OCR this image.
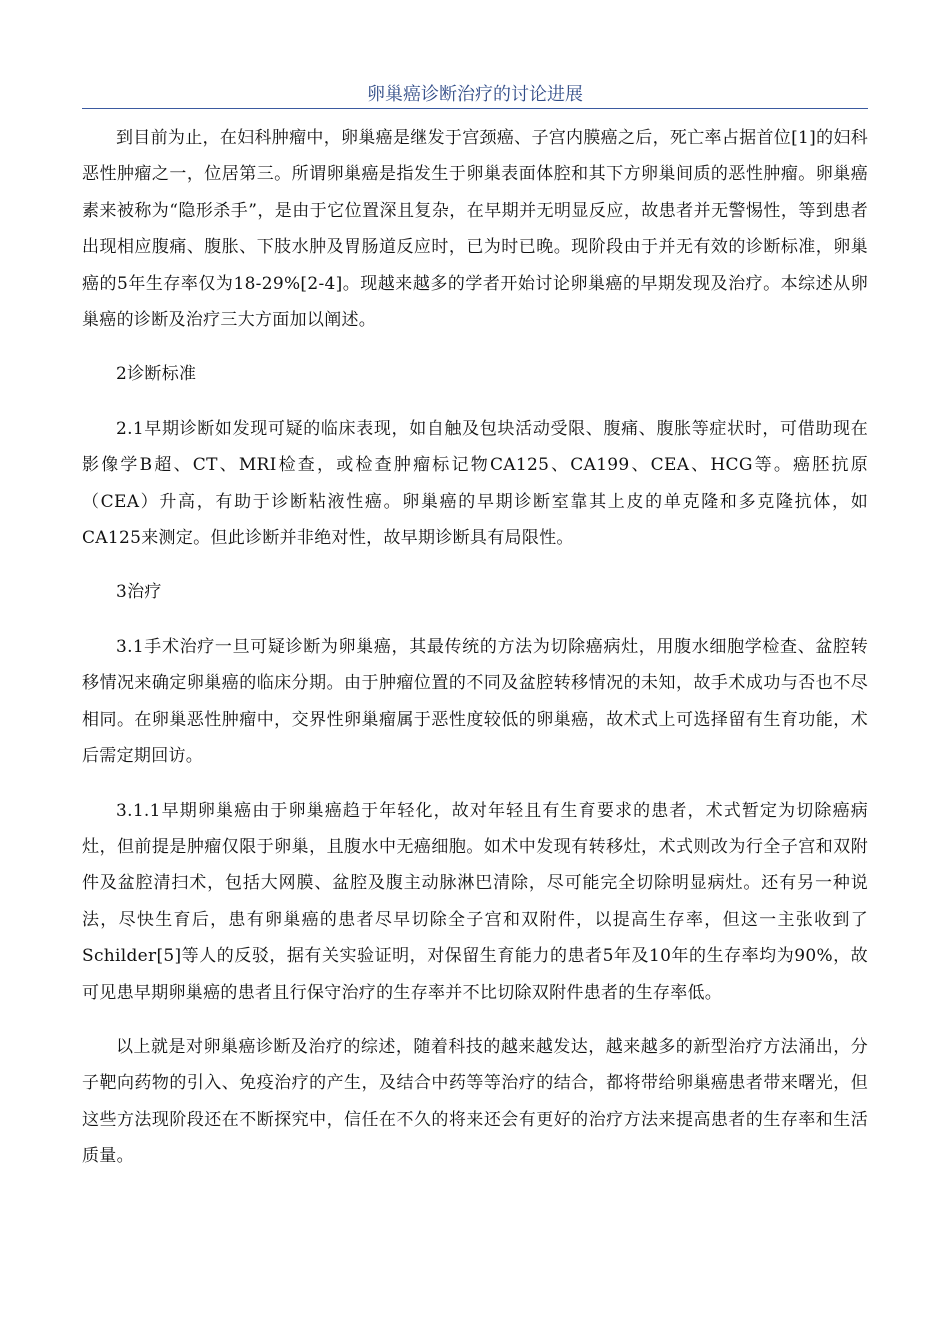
卵巢癌诊断治疗的讨论进展

到目前为止，在妇科肿瘤中，卵巢癌是继发于宫颈癌、子宫内膜癌之后，死亡率占据首位[1]的妇科恶性肿瘤之一，位居第三。所谓卵巢癌是指发生于卵巢表面体腔和其下方卵巢间质的恶性肿瘤。卵巢癌素来被称为“隐形杀手”，是由于它位置深且复杂，在早期并无明显反应，故患者并无警惕性，等到患者出现相应腹痛、腹胀、下肢水肿及胃肠道反应时，已为时已晚。现阶段由于并无有效的诊断标准，卵巢癌的5年生存率仅为18-29%[2-4]。现越来越多的学者开始讨论卵巢癌的早期发现及治疗。本综述从卵巢癌的诊断及治疗三大方面加以阐述。

2诊断标准

2.1早期诊断如发现可疑的临床表现，如自触及包块活动受限、腹痛、腹胀等症状时，可借助现在影像学B超、CT、MRI检查，或检查肿瘤标记物CA125、CA199、CEA、HCG等。癌胚抗原（CEA）升高，有助于诊断粘液性癌。卵巢癌的早期诊断室靠其上皮的单克隆和多克隆抗体，如CA125来测定。但此诊断并非绝对性，故早期诊断具有局限性。

3治疗

3.1手术治疗一旦可疑诊断为卵巢癌，其最传统的方法为切除癌病灶，用腹水细胞学检查、盆腔转移情况来确定卵巢癌的临床分期。由于肿瘤位置的不同及盆腔转移情况的未知，故手术成功与否也不尽相同。在卵巢恶性肿瘤中，交界性卵巢瘤属于恶性度较低的卵巢癌，故术式上可选择留有生育功能，术后需定期回访。

3.1.1早期卵巢癌由于卵巢癌趋于年轻化，故对年轻且有生育要求的患者，术式暂定为切除癌病灶，但前提是肿瘤仅限于卵巢，且腹水中无癌细胞。如术中发现有转移灶，术式则改为行全子宫和双附件及盆腔清扫术，包括大网膜、盆腔及腹主动脉淋巴清除，尽可能完全切除明显病灶。还有另一种说法，尽快生育后，患有卵巢癌的患者尽早切除全子宫和双附件，以提高生存率，但这一主张收到了Schilder[5]等人的反驳，据有关实验证明，对保留生育能力的患者5年及10年的生存率均为90%，故可见患早期卵巢癌的患者且行保守治疗的生存率并不比切除双附件患者的生存率低。

以上就是对卵巢癌诊断及治疗的综述，随着科技的越来越发达，越来越多的新型治疗方法涌出，分子靶向药物的引入、免疫治疗的产生，及结合中药等等治疗的结合，都将带给卵巢癌患者带来曙光，但这些方法现阶段还在不断探究中，信任在不久的将来还会有更好的治疗方法来提高患者的生存率和生活质量。
